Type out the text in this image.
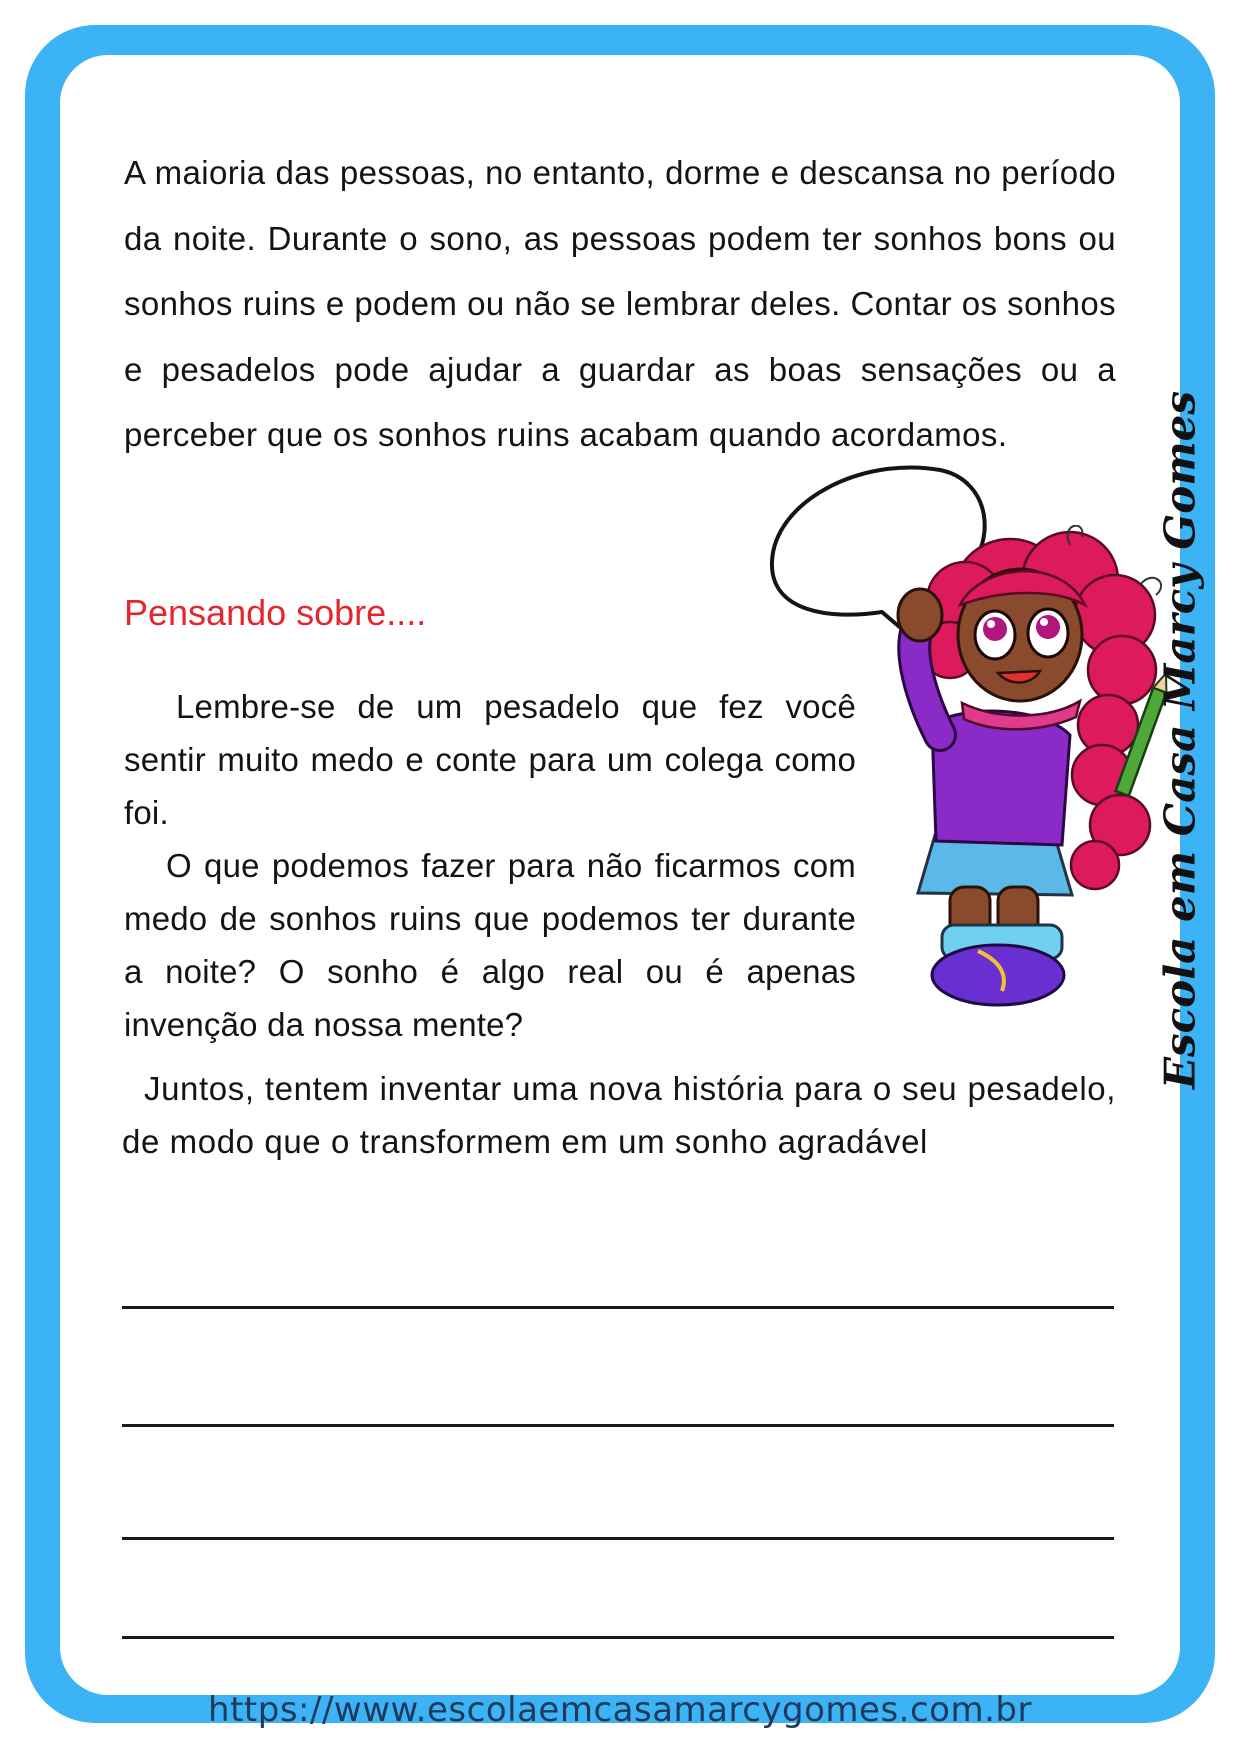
A maioria das pessoas, no entanto, dorme e descansa no período da noite. Durante o sono, as pessoas podem ter sonhos bons ou sonhos ruins e podem ou não se lembrar deles. Contar os sonhos e pesadelos pode ajudar a guardar as boas sensações ou a perceber que os sonhos ruins acabam quando acordamos.

Pensando sobre....

Lembre-se de um pesadelo que fez você sentir muito medo e conte para um colega como foi.

O que podemos fazer para não ficarmos com medo de sonhos ruins que podemos ter durante a noite? O sonho é algo real ou é apenas invenção da nossa mente?

Juntos, tentem inventar uma nova história para o seu pesadelo, de modo que o transformem em um sonho agradável

Escola em Casa Marcy Gomes
https://www.escolaemcasamarcygomes.com.br
